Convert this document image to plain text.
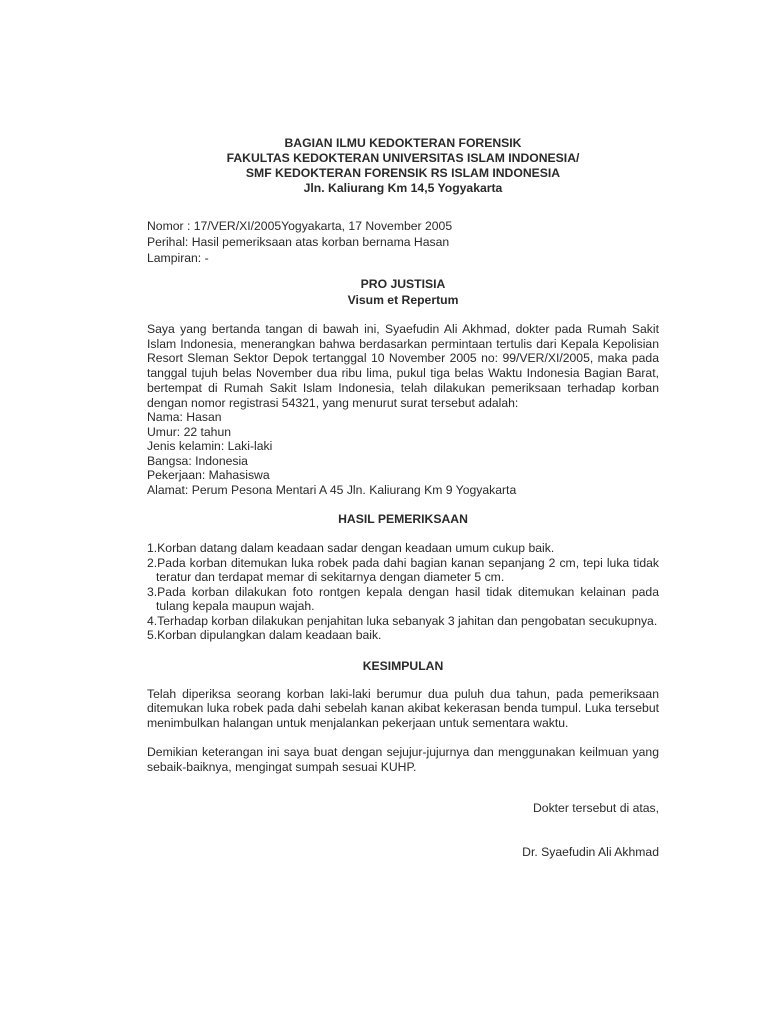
BAGIAN ILMU KEDOKTERAN FORENSIK
FAKULTAS KEDOKTERAN UNIVERSITAS ISLAM INDONESIA/
SMF KEDOKTERAN FORENSIK RS ISLAM INDONESIA
Jln. Kaliurang Km 14,5 Yogyakarta
Nomor : 17/VER/XI/2005Yogyakarta, 17 November 2005
Perihal: Hasil pemeriksaan atas korban bernama Hasan
Lampiran: -
PRO JUSTISIA
Visum et Repertum
Saya yang bertanda tangan di bawah ini, Syaefudin Ali Akhmad, dokter pada Rumah Sakit Islam Indonesia, menerangkan bahwa berdasarkan permintaan tertulis dari Kepala Kepolisian Resort Sleman Sektor Depok tertanggal 10 November 2005 no: 99/VER/XI/2005, maka pada tanggal tujuh belas November dua ribu lima, pukul tiga belas Waktu Indonesia Bagian Barat, bertempat di Rumah Sakit Islam Indonesia, telah dilakukan pemeriksaan terhadap korban dengan nomor registrasi 54321, yang menurut surat tersebut adalah:
Nama: Hasan
Umur: 22 tahun
Jenis kelamin: Laki-laki
Bangsa: Indonesia
Pekerjaan: Mahasiswa
Alamat: Perum Pesona Mentari A 45 Jln. Kaliurang Km 9 Yogyakarta
HASIL PEMERIKSAAN
1.Korban datang dalam keadaan sadar dengan keadaan umum cukup baik.
2.Pada korban ditemukan luka robek pada dahi bagian kanan sepanjang 2 cm, tepi luka tidak teratur dan terdapat memar di sekitarnya dengan diameter 5 cm.
3.Pada korban dilakukan foto rontgen kepala dengan hasil tidak ditemukan kelainan pada tulang kepala maupun wajah.
4.Terhadap korban dilakukan penjahitan luka sebanyak 3 jahitan dan pengobatan secukupnya.
5.Korban dipulangkan dalam keadaan baik.
KESIMPULAN
Telah diperiksa seorang korban laki-laki berumur dua puluh dua tahun, pada pemeriksaan ditemukan luka robek pada dahi sebelah kanan akibat kekerasan benda tumpul. Luka tersebut menimbulkan halangan untuk menjalankan pekerjaan untuk sementara waktu.
Demikian keterangan ini saya buat dengan sejujur-jujurnya dan menggunakan keilmuan yang sebaik-baiknya, mengingat sumpah sesuai KUHP.
Dokter tersebut di atas,
Dr. Syaefudin Ali Akhmad
